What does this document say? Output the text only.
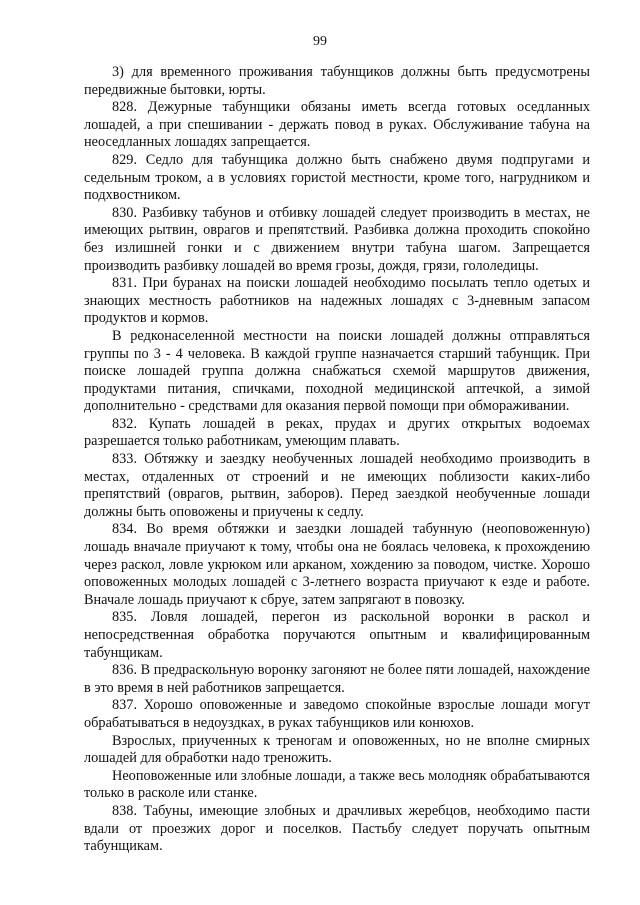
99

3) для временного проживания табунщиков должны быть предусмотрены передвижные бытовки, юрты.

828. Дежурные табунщики обязаны иметь всегда готовых оседланных лошадей, а при спешивании - держать повод в руках. Обслуживание табуна на неоседланных лошадях запрещается.

829. Седло для табунщика должно быть снабжено двумя подпругами и седельным троком, а в условиях гористой местности, кроме того, нагрудником и подхвостником.

830. Разбивку табунов и отбивку лошадей следует производить в местах, не имеющих рытвин, оврагов и препятствий. Разбивка должна проходить спокойно без излишней гонки и с движением внутри табуна шагом. Запрещается производить разбивку лошадей во время грозы, дождя, грязи, гололедицы.

831. При буранах на поиски лошадей необходимо посылать тепло одетых и знающих местность работников на надежных лошадях с 3-дневным запасом продуктов и кормов.

В редконаселенной местности на поиски лошадей должны отправляться группы по 3 - 4 человека. В каждой группе назначается старший табунщик. При поиске лошадей группа должна снабжаться схемой маршрутов движения, продуктами питания, спичками, походной медицинской аптечкой, а зимой дополнительно - средствами для оказания первой помощи при обмораживании.

832. Купать лошадей в реках, прудах и других открытых водоемах разрешается только работникам, умеющим плавать.

833. Обтяжку и заездку необученных лошадей необходимо производить в местах, отдаленных от строений и не имеющих поблизости каких-либо препятствий (оврагов, рытвин, заборов). Перед заездкой необученные лошади должны быть оповожены и приучены к седлу.

834. Во время обтяжки и заездки лошадей табунную (неоповоженную) лошадь вначале приучают к тому, чтобы она не боялась человека, к прохождению через раскол, ловле укрюком или арканом, хождению за поводом, чистке. Хорошо оповоженных молодых лошадей с 3-летнего возраста приучают к езде и работе. Вначале лошадь приучают к сбруе, затем запрягают в повозку.

835. Ловля лошадей, перегон из раскольной воронки в раскол и непосредственная обработка поручаются опытным и квалифицированным табунщикам.

836. В предраскольную воронку загоняют не более пяти лошадей, нахождение в это время в ней работников запрещается.

837. Хорошо оповоженные и заведомо спокойные взрослые лошади могут обрабатываться в недоуздках, в руках табунщиков или конюхов.

Взрослых, приученных к треногам и оповоженных, но не вполне смирных лошадей для обработки надо треножить.

Неоповоженные или злобные лошади, а также весь молодняк обрабатываются только в расколе или станке.

838. Табуны, имеющие злобных и драчливых жеребцов, необходимо пасти вдали от проезжих дорог и поселков. Пастьбу следует поручать опытным табунщикам.
